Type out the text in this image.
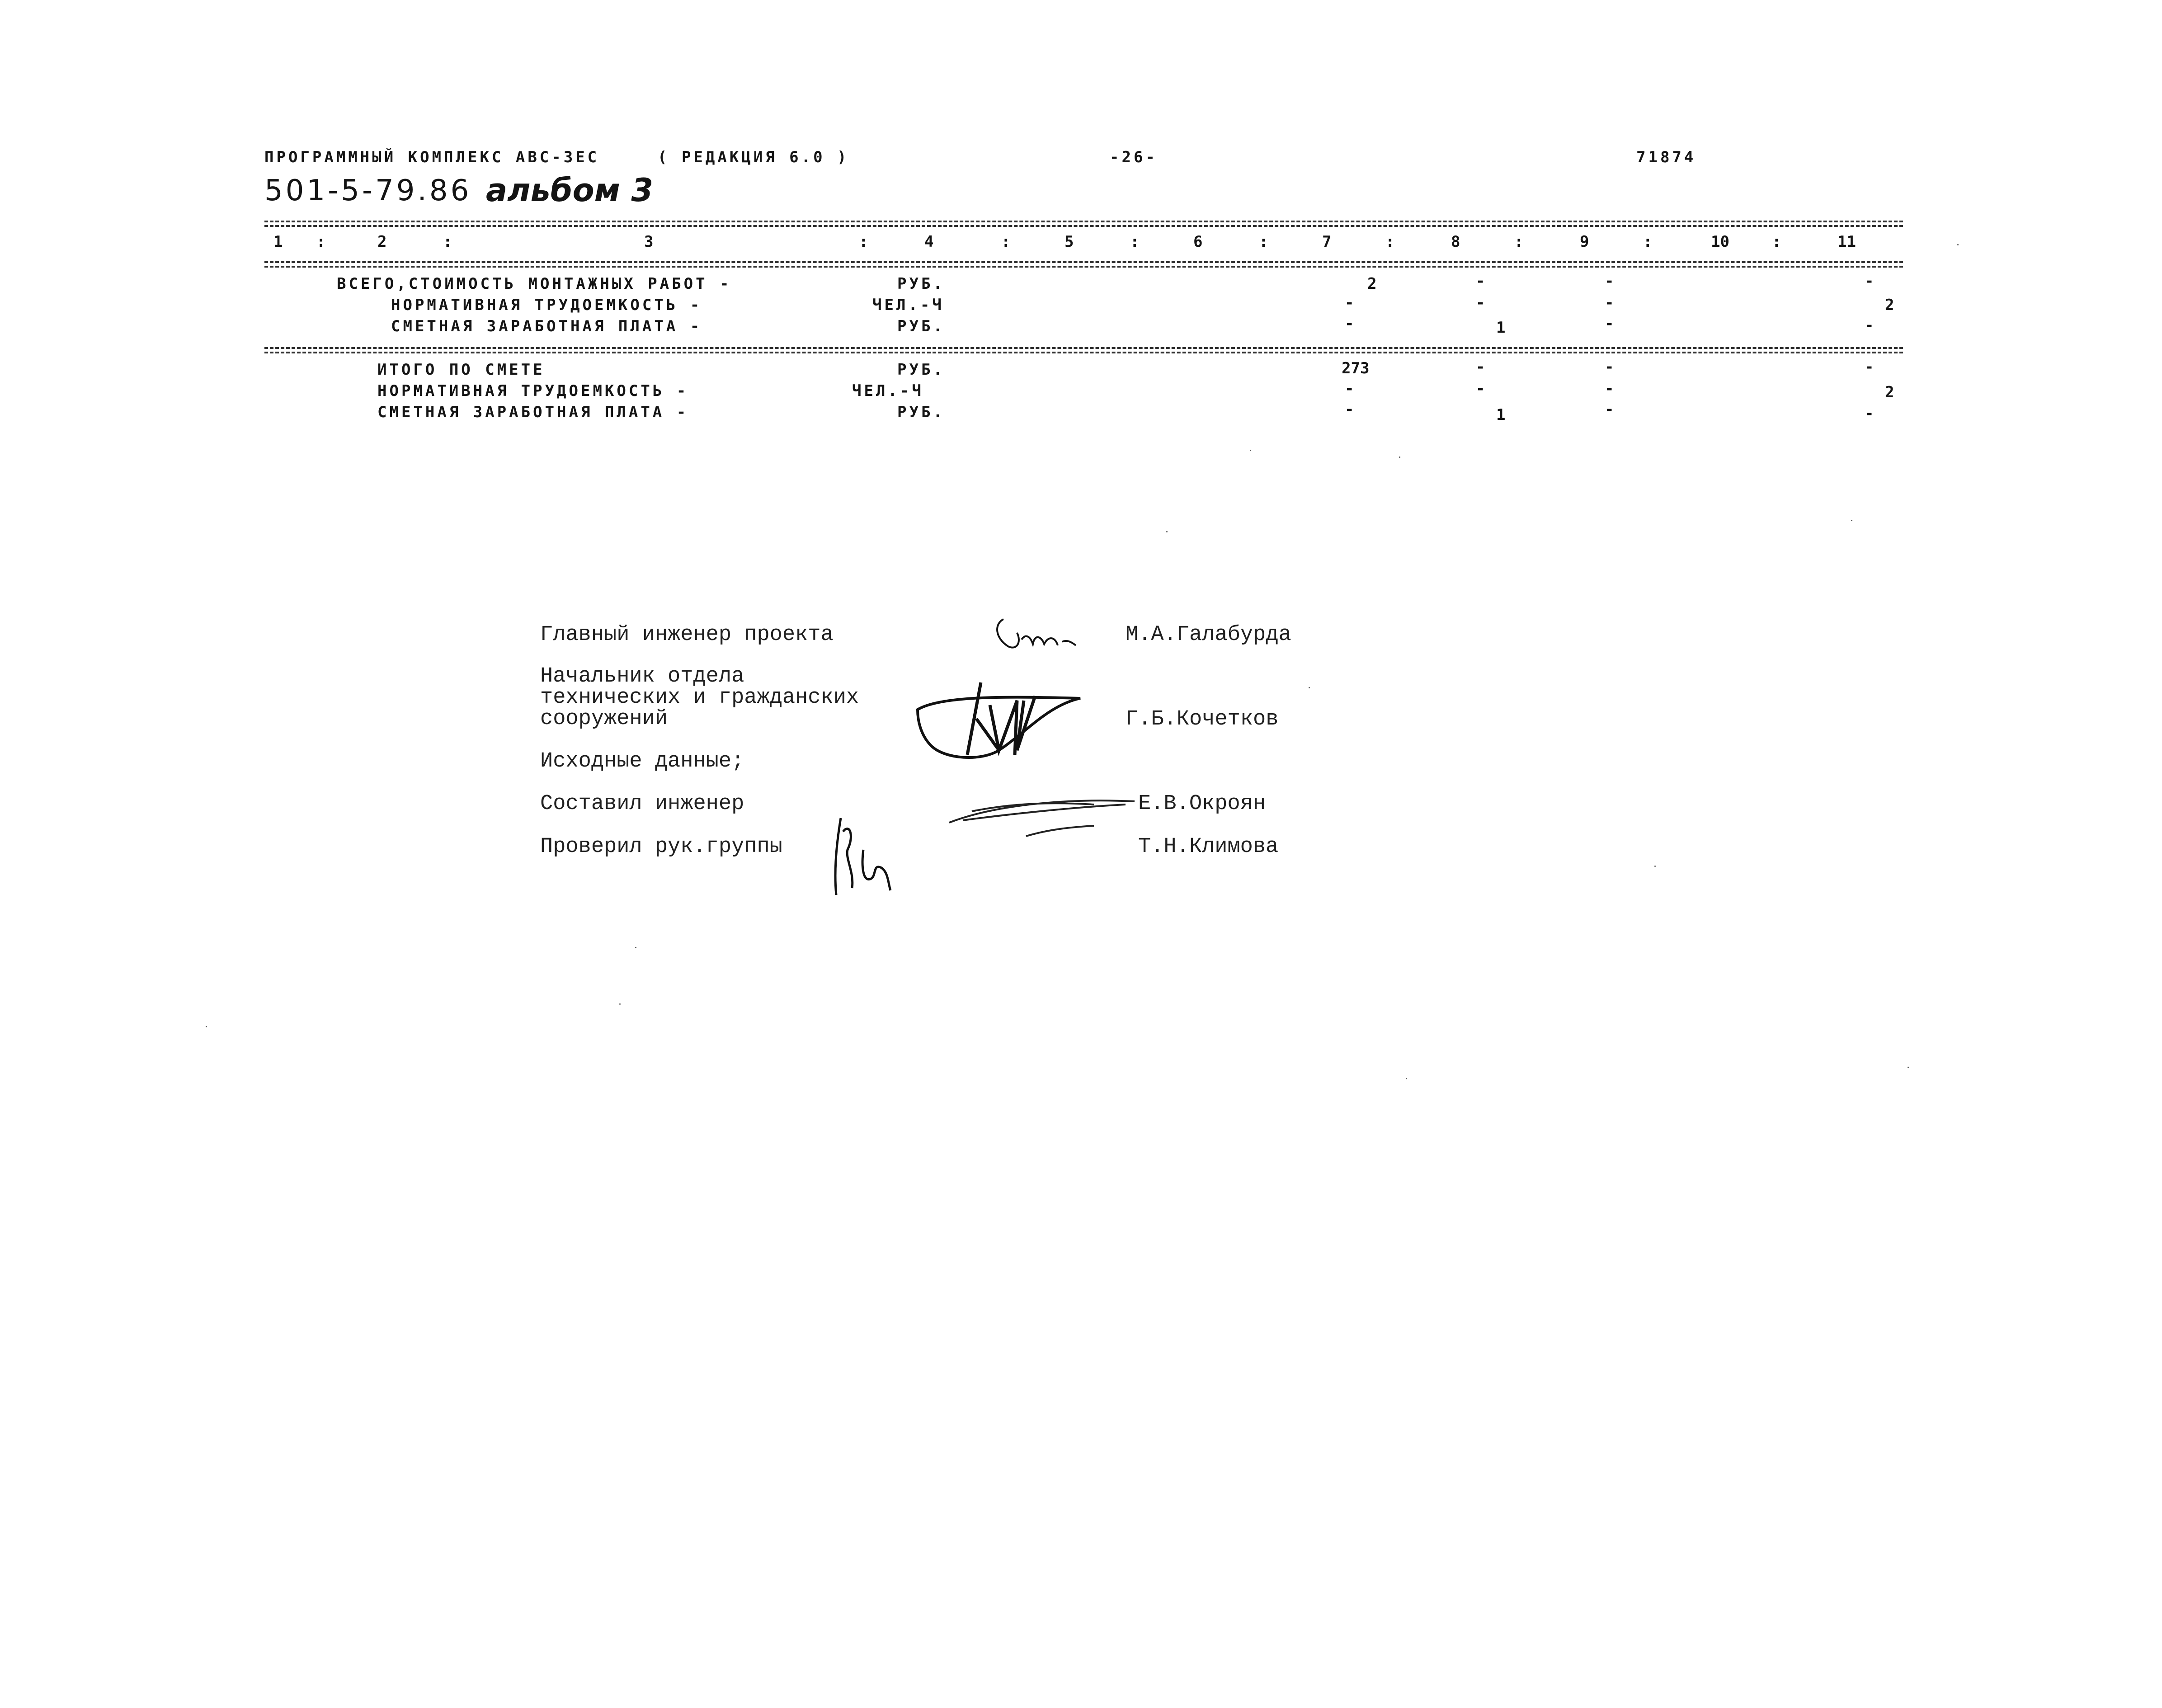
ПРОГРАММНЫЙ КОМПЛЕКС АВС-3ЕС	( РЕДАКЦИЯ 6.0 )	-26-	71874
501-5-79.86 альбом 3
1 :	2	:	3	:	4	:	5	:	6	:	7	:	8	:	9	:	10	:	11
ВСЕГО,СТОИМОСТЬ МОНТАЖНЫХ РАБОТ -	РУБ.	2	-	-	-
НОРМАТИВНАЯ ТРУДОЕМКОСТЬ -	ЧЕЛ.-Ч	-	-	-	2
СМЕТНАЯ ЗАРАБОТНАЯ ПЛАТА -	РУБ.	-	1	-	-
ИТОГО ПО СМЕТЕ	РУБ.	273	-	-	-
НОРМАТИВНАЯ ТРУДОЕМКОСТЬ -	ЧЕЛ.-Ч	-	-	-	2
СМЕТНАЯ ЗАРАБОТНАЯ ПЛАТА -	РУБ.	-	1	-	-
Главный инженер проекта	М.А.Галабурда
Начальник отдела
технических и гражданских
сооружений	Г.Б.Кочетков
Исходные данные;
Составил инженер	Е.В.Окроян
Проверил рук.группы	Т.Н.Климова
